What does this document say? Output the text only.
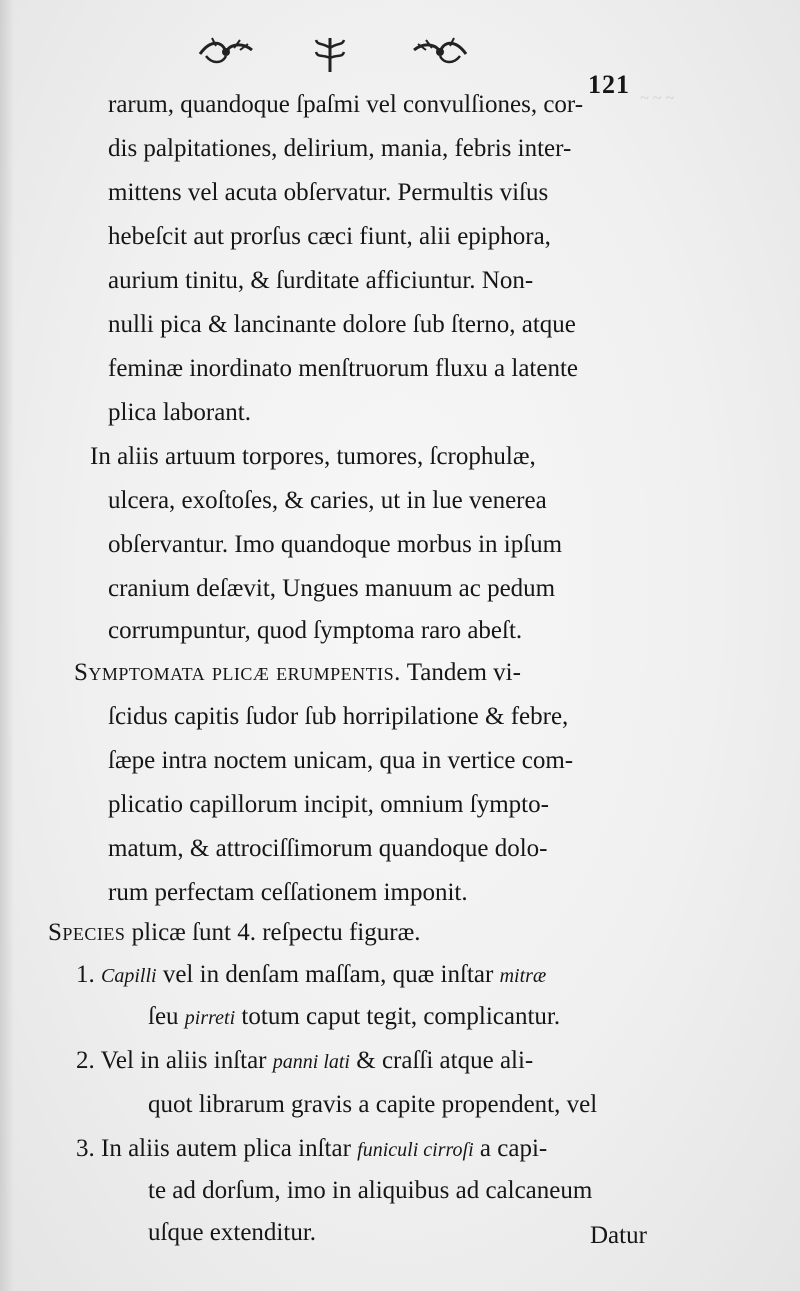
121 ~ ~ ~
rarum, quandoque ſpaſmi vel convulſiones, cor-
dis palpitationes, delirium, mania, febris inter-
mittens vel acuta obſervatur. Permultis viſus
hebeſcit aut prorſus cæci fiunt, alii epiphora,
aurium tinitu, & ſurditate afficiuntur. Non-
nulli pica & lancinante dolore ſub ſterno, atque
feminæ inordinato menſtruorum fluxu a latente
plica laborant.
In aliis artuum torpores, tumores, ſcrophulæ,
ulcera, exoſtoſes, & caries, ut in lue venerea
obſervantur. Imo quandoque morbus in ipſum
cranium deſævit, Ungues manuum ac pedum
corrumpuntur, quod ſymptoma raro abeſt.
Symptomata plicæ erumpentis. Tandem vi-
ſcidus capitis ſudor ſub horripilatione & febre,
ſæpe intra noctem unicam, qua in vertice com-
plicatio capillorum incipit, omnium ſympto-
matum, & attrociſſimorum quandoque dolo-
rum perfectam ceſſationem imponit.
Species plicæ ſunt 4. reſpectu figuræ.
1. Capilli vel in denſam maſſam, quæ inſtar mitræ
ſeu pirreti totum caput tegit, complicantur.
2. Vel in aliis inſtar panni lati & craſſi atque ali-
quot librarum gravis a capite propendent, vel
3. In aliis autem plica inſtar funiculi cirroſi a capi-
te ad dorſum, imo in aliquibus ad calcaneum
uſque extenditur.	Datur
